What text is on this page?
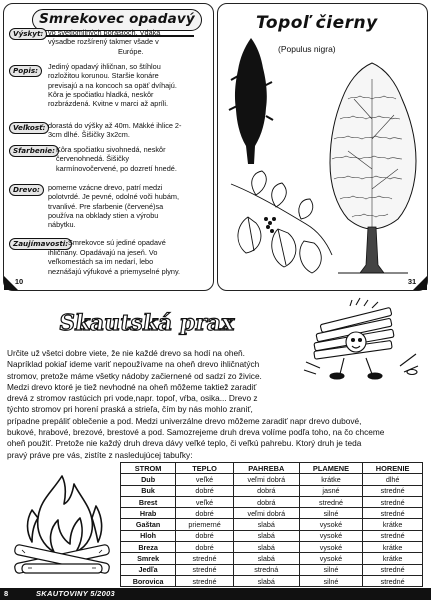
Smrekovec opadavý
Výskyt: vo svetlomilných porastoch. Vdaka
výsadbe rozšírený takmer všade v
Európe.
Popis:	Jediný opadavý ihličnan, so štíhlou
rozložitou korunou. Staršie konáre
previsajú a na koncoch sa opäť dvíhajú.
Kôra je spočiatku hladká, neskôr
rozbrázdená. Kvitne v marci až apríli.
Veľkosť: dorastá do výšky až 40m. Mäkké ihlice 2-
3cm dlhé. Šišičky 3x2cm.
Sfarbenie: Kôra spočiatku sivohnedá, neskôr
červenohnedá. Šišičky
karmínovočervené, po dozretí hnedé.
Drevo:	pomerne vzácne drevo, patrí medzi
polotvrdé. Je pevné, odolné voči hubám,
trvanlivé. Pre sfarbenie (červené)sa
používa na obklady stien a výrobu
nábytku.
Zaujímavosti: Smrekovce sú jediné opadavé
ihličnany. Opadávajú na jeseň. Vo
veľkomestách sa im nedarí, lebo
neznášajú výfukové a priemyselné plyny.
10
Topoľ čierny
(Populus nigra)
31
Skautská prax
Určite už všetci dobre viete, že nie každé drevo sa hodí na oheň.
Napríklad pokiaľ ideme variť nepoužívame na oheň drevo ihličnatých
stromov, pretože máme všetky nádoby začiernené od sadzí zo živice.
Medzi drevo ktoré je tiež nevhodné na oheň môžeme taktiež zaradiť
drevá z stromov rastúcich pri vode,napr. topoľ, vŕba, osika... Drevo z
týchto stromov pri horení praská a strieľa, čím by nás mohlo zraniť,
prípadne prepáliť oblečenie a pod. Medzi univerzálne drevo môžeme zaradiť napr drevo dubové,
bukové, hrabové, brezové, brestové a pod. Samozrejeme druh dreva volíme podľa toho, na čo chceme
oheň použiť. Pretože nie každý druh dreva dávy veľké teplo, či veľkú pahrebu. Ktorý druh je teda
pravý práve pre vás, zistíte z nasledujúcej tabuľky:
STROM	TEPLO	PAHREBA	PLAMENE	HORENIE
Dub	veľké	veľmi dobrá	krátke	dlhé
Buk	dobré	dobrá	jasné	stredné
Brest	veľké	dobrá	stredné	stredné
Hrab	dobré	veľmi dobrá	silné	stredné
Gaštan	priemerné	slabá	vysoké	krátke
Hloh	dobré	slabá	vysoké	stredné
Breza	dobré	slabá	vysoké	krátke
Smrek	stredné	slabá	vysoké	krátke
Jedľa	stredné	stredná	silné	stredné
Borovica	stredné	slabá	silné	stredné
8	SKAUTOVINY 5/2003
